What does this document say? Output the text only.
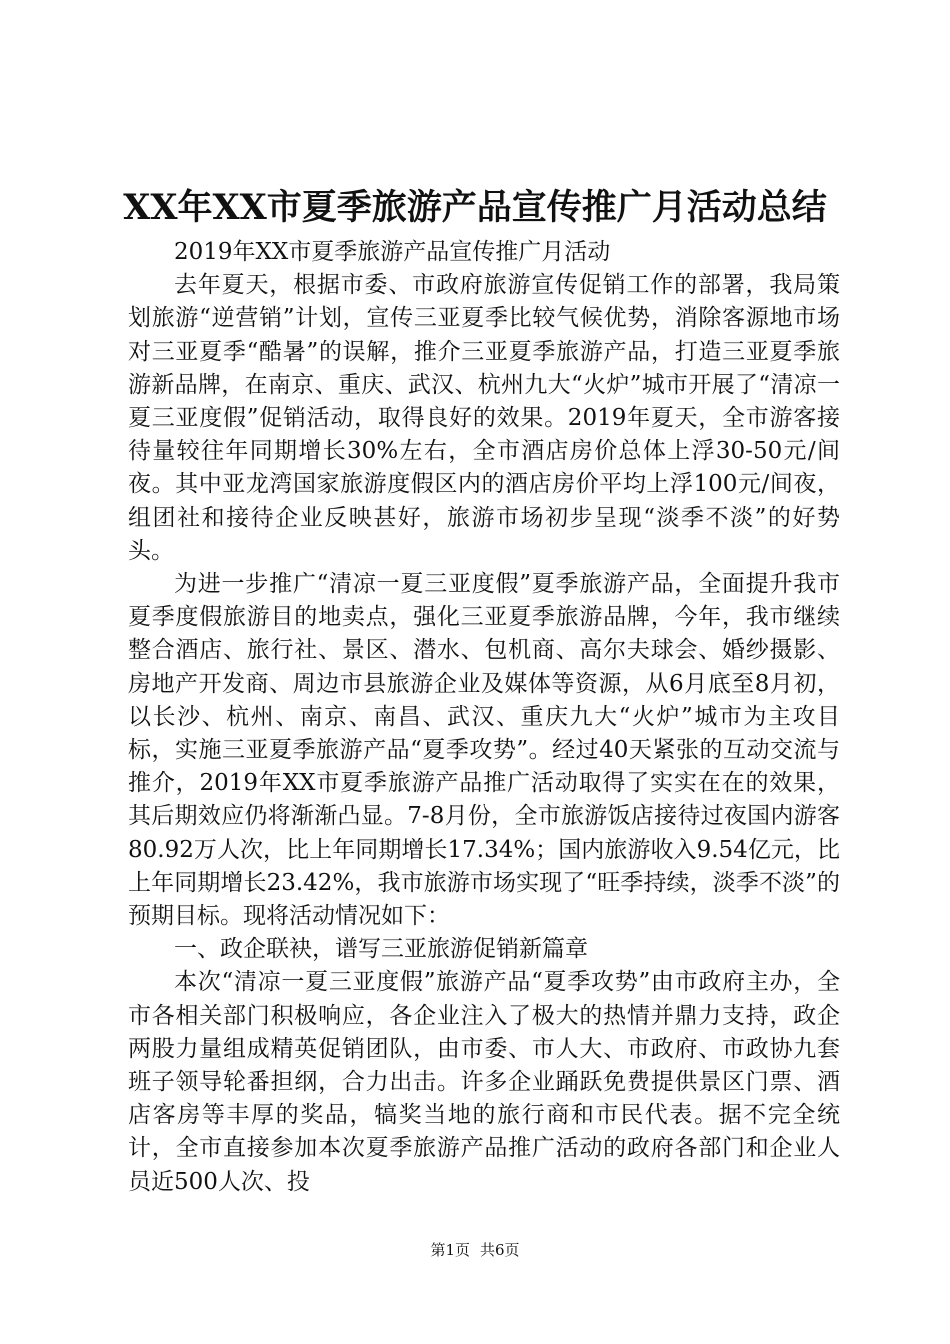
XX年XX市夏季旅游产品宣传推广月活动总结

2019年XX市夏季旅游产品宣传推广月活动

去年夏天，根据市委、市政府旅游宣传促销工作的部署，我局策划旅游“逆营销”计划，宣传三亚夏季比较气候优势，消除客源地市场对三亚夏季“酷暑”的误解，推介三亚夏季旅游产品，打造三亚夏季旅游新品牌，在南京、重庆、武汉、杭州九大“火炉”城市开展了“清凉一夏三亚度假”促销活动，取得良好的效果。2019年夏天，全市游客接待量较往年同期增长30%左右，全市酒店房价总体上浮30-50元/间夜。其中亚龙湾国家旅游度假区内的酒店房价平均上浮100元/间夜，组团社和接待企业反映甚好，旅游市场初步呈现“淡季不淡”的好势头。

为进一步推广“清凉一夏三亚度假”夏季旅游产品，全面提升我市夏季度假旅游目的地卖点，强化三亚夏季旅游品牌，今年，我市继续整合酒店、旅行社、景区、潜水、包机商、高尔夫球会、婚纱摄影、房地产开发商、周边市县旅游企业及媒体等资源，从6月底至8月初，以长沙、杭州、南京、南昌、武汉、重庆九大“火炉”城市为主攻目标，实施三亚夏季旅游产品“夏季攻势”。经过40天紧张的互动交流与推介，2019年XX市夏季旅游产品推广活动取得了实实在在的效果，其后期效应仍将渐渐凸显。7-8月份，全市旅游饭店接待过夜国内游客80.92万人次，比上年同期增长17.34%；国内旅游收入9.54亿元，比上年同期增长23.42%，我市旅游市场实现了“旺季持续，淡季不淡”的预期目标。现将活动情况如下：

一、政企联袂，谱写三亚旅游促销新篇章

本次“清凉一夏三亚度假”旅游产品“夏季攻势”由市政府主办，全市各相关部门积极响应，各企业注入了极大的热情并鼎力支持，政企两股力量组成精英促销团队，由市委、市人大、市政府、市政协九套班子领导轮番担纲，合力出击。许多企业踊跃免费提供景区门票、酒店客房等丰厚的奖品，犒奖当地的旅行商和市民代表。据不完全统计，全市直接参加本次夏季旅游产品推广活动的政府各部门和企业人员近500人次、投

第1页 共6页
